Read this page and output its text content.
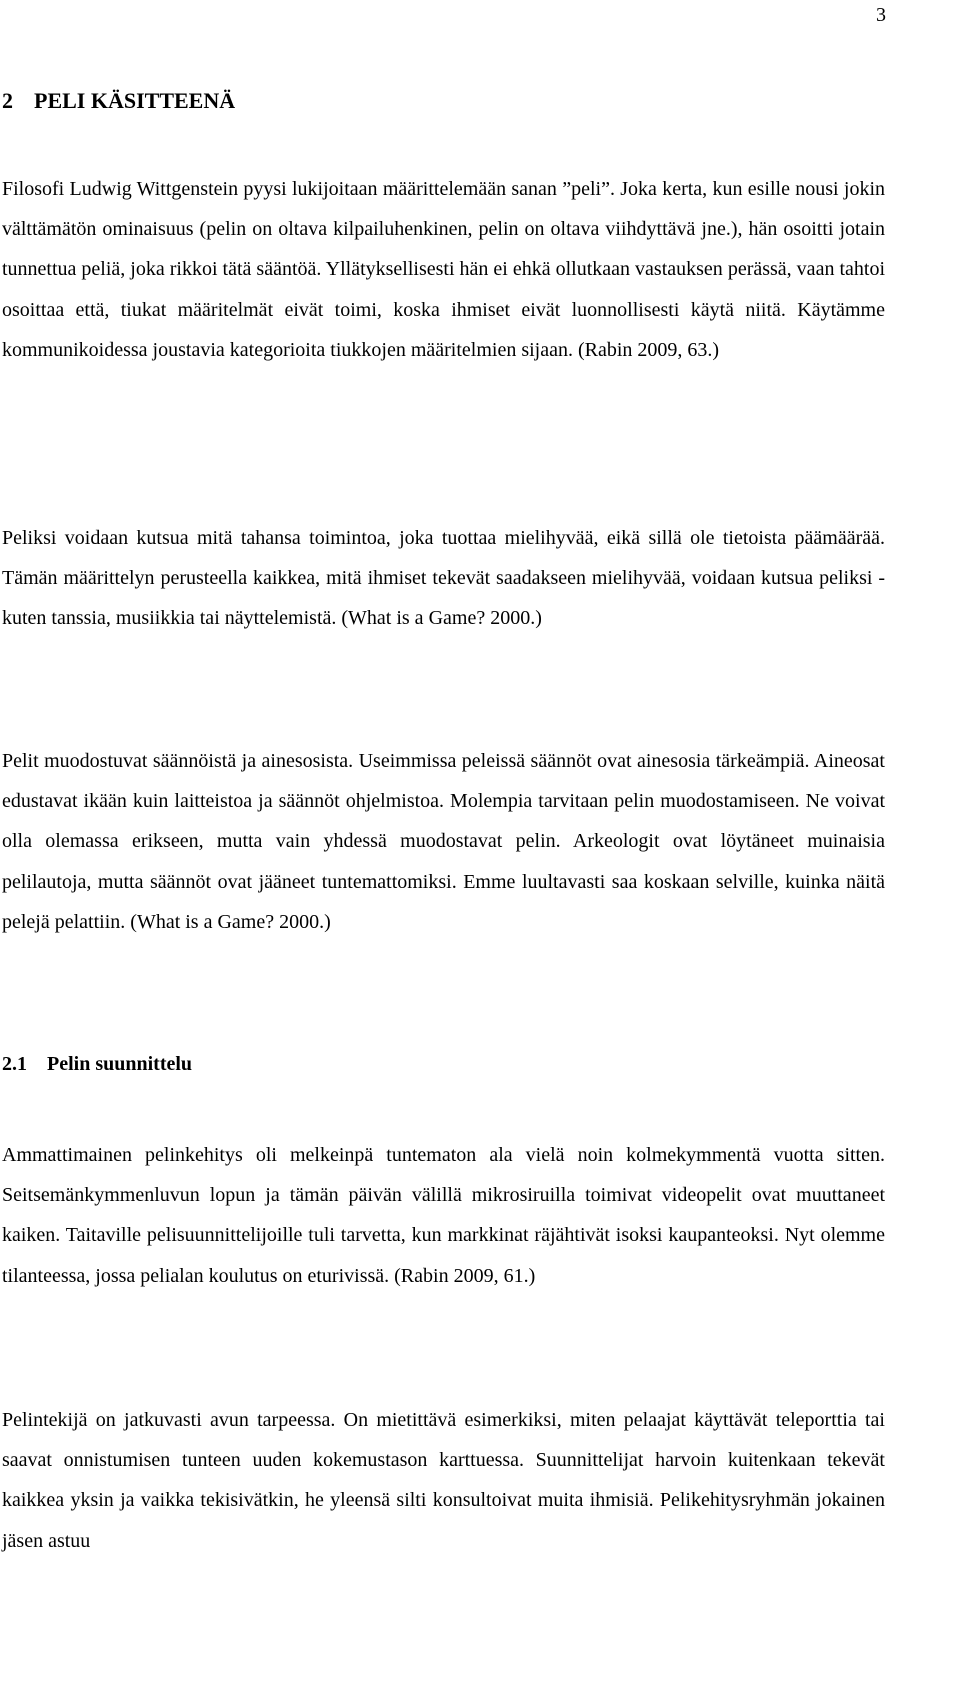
3
2 PELI KÄSITTEENÄ

Filosofi Ludwig Wittgenstein pyysi lukijoitaan määrittelemään sanan ”peli”. Joka kerta, kun esille nousi jokin välttämätön ominaisuus (pelin on oltava kilpailuhenkinen, pelin on oltava viihdyttävä jne.), hän osoitti jotain tunnettua peliä, joka rikkoi tätä sääntöä. Yllätyksellisesti hän ei ehkä ollutkaan vastauksen perässä, vaan tahtoi osoittaa että, tiukat määritelmät eivät toimi, koska ihmiset eivät luonnollisesti käytä niitä. Käytämme kommunikoidessa joustavia kategorioita tiukkojen määritelmien sijaan. (Rabin 2009, 63.)

Peliksi voidaan kutsua mitä tahansa toimintoa, joka tuottaa mielihyvää, eikä sillä ole tietoista päämäärää. Tämän määrittelyn perusteella kaikkea, mitä ihmiset tekevät saadakseen mielihyvää, voidaan kutsua peliksi - kuten tanssia, musiikkia tai näyttelemistä. (What is a Game? 2000.)

Pelit muodostuvat säännöistä ja ainesosista. Useimmissa peleissä säännöt ovat ainesosia tärkeämpiä. Aineosat edustavat ikään kuin laitteistoa ja säännöt ohjelmistoa. Molempia tarvitaan pelin muodostamiseen. Ne voivat olla olemassa erikseen, mutta vain yhdessä muodostavat pelin. Arkeologit ovat löytäneet muinaisia pelilautoja, mutta säännöt ovat jääneet tuntemattomiksi. Emme luultavasti saa koskaan selville, kuinka näitä pelejä pelattiin. (What is a Game? 2000.)

2.1 Pelin suunnittelu

Ammattimainen pelinkehitys oli melkeinpä tuntematon ala vielä noin kolmekymmentä vuotta sitten. Seitsemänkymmenluvun lopun ja tämän päivän välillä mikrosiruilla toimivat videopelit ovat muuttaneet kaiken. Taitaville pelisuunnittelijoille tuli tarvetta, kun markkinat räjähtivät isoksi kaupanteoksi. Nyt olemme tilanteessa, jossa pelialan koulutus on eturivissä. (Rabin 2009, 61.)

Pelintekijä on jatkuvasti avun tarpeessa. On mietittävä esimerkiksi, miten pelaajat käyttävät teleporttia tai saavat onnistumisen tunteen uuden kokemustason karttuessa. Suunnittelijat harvoin kuitenkaan tekevät kaikkea yksin ja vaikka tekisivätkin, he yleensä silti konsultoivat muita ihmisiä. Pelikehitysryhmän jokainen jäsen astuu
